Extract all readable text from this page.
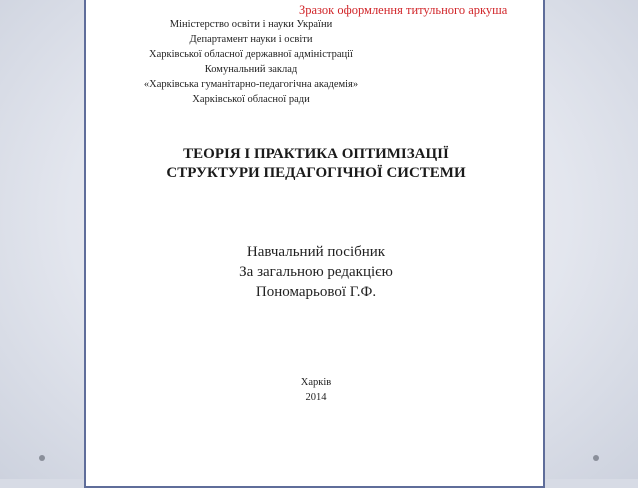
Зразок оформлення титульного аркуша
Міністерство освіти і науки України
Департамент науки і освіти
Харківської обласної державної адміністрації
Комунальний заклад
«Харківська гуманітарно-педагогічна академія»
Харківської обласної ради
ТЕОРІЯ І ПРАКТИКА ОПТИМІЗАЦІЇ
СТРУКТУРИ ПЕДАГОГІЧНОЇ СИСТЕМИ
Навчальний посібник
За загальною редакцією
Пономарьової Г.Ф.
Харків
2014
